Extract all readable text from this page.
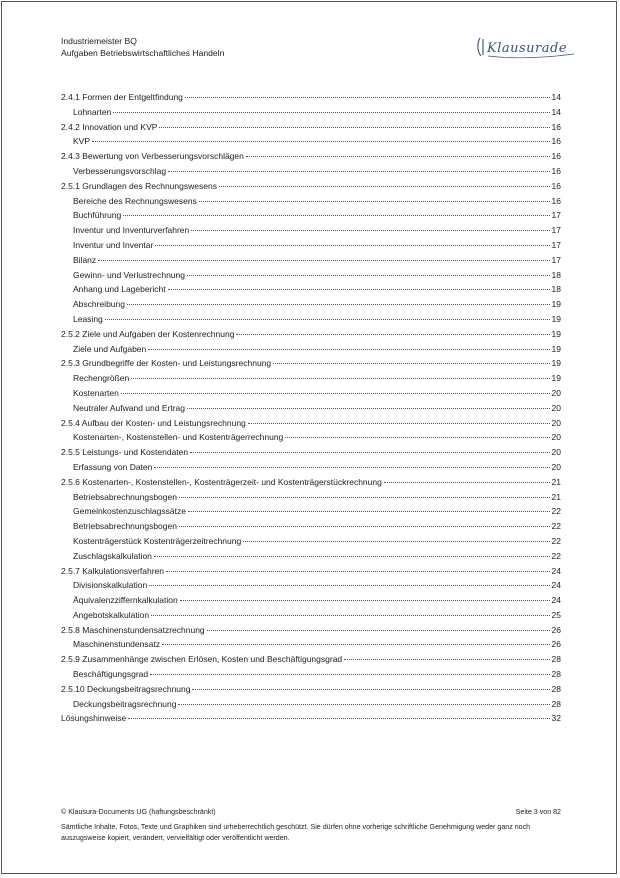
Industriemeister BQ
Aufgaben Betriebswirtschaftliches Handeln	Klausurade
2.4.1 Formen der Entgeltfindung	14
Lohnarten	14
2.4.2 Innovation und KVP	16
KVP	16
2.4.3 Bewertung von Verbesserungsvorschlägen	16
Verbesserungsvorschlag	16
2.5.1 Grundlagen des Rechnungswesens	16
Bereiche des Rechnungswesens	16
Buchführung	17
Inventur und Inventurverfahren	17
Inventur und Inventar	17
Bilanz	17
Gewinn- und Verlustrechnung	18
Anhang und Lagebericht	18
Abschreibung	19
Leasing	19
2.5.2 Ziele und Aufgaben der Kostenrechnung	19
Ziele und Aufgaben	19
2.5.3 Grundbegriffe der Kosten- und Leistungsrechnung	19
Rechengrößen	19
Kostenarten	20
Neutraler Aufwand und Ertrag	20
2.5.4 Aufbau der Kosten- und Leistungsrechnung	20
Kostenarten-, Kostenstellen- und Kostenträgerrechnung	20
2.5.5 Leistungs- und Kostendaten	20
Erfassung von Daten	20
2.5.6 Kostenarten-, Kostenstellen-, Kostenträgerzeit- und Kostenträgerstückrechnung	21
Betriebsabrechnungsbogen	21
Gemeinkostenzuschlagssätze	22
Betriebsabrechnungsbogen	22
Kostenträgerstück Kostenträgerzeitrechnung	22
Zuschlagskalkulation	22
2.5.7 Kalkulationsverfahren	24
Divisionskalkulation	24
Äquivalenzziffernkalkulation	24
Angebotskalkulation	25
2.5.8 Maschinenstundensatzrechnung	26
Maschinenstundensatz	26
2.5.9 Zusammenhänge zwischen Erlösen, Kosten und Beschäftigungsgrad	28
Beschäftigungsgrad	28
2.5.10 Deckungsbeitragsrechnung	28
Deckungsbeitragsrechnung	28
Lösungshinweise	32
© Klausura-Documents UG (haftungsbeschränkt)	Seite 3 von 82
Sämtliche Inhalte, Fotos, Texte und Graphiken sind urheberrechtlich geschützt. Sie dürfen ohne vorherige schriftliche Genehmigung weder ganz noch auszugsweise kopiert, verändert, vervielfältigt oder veröffentlicht werden.
